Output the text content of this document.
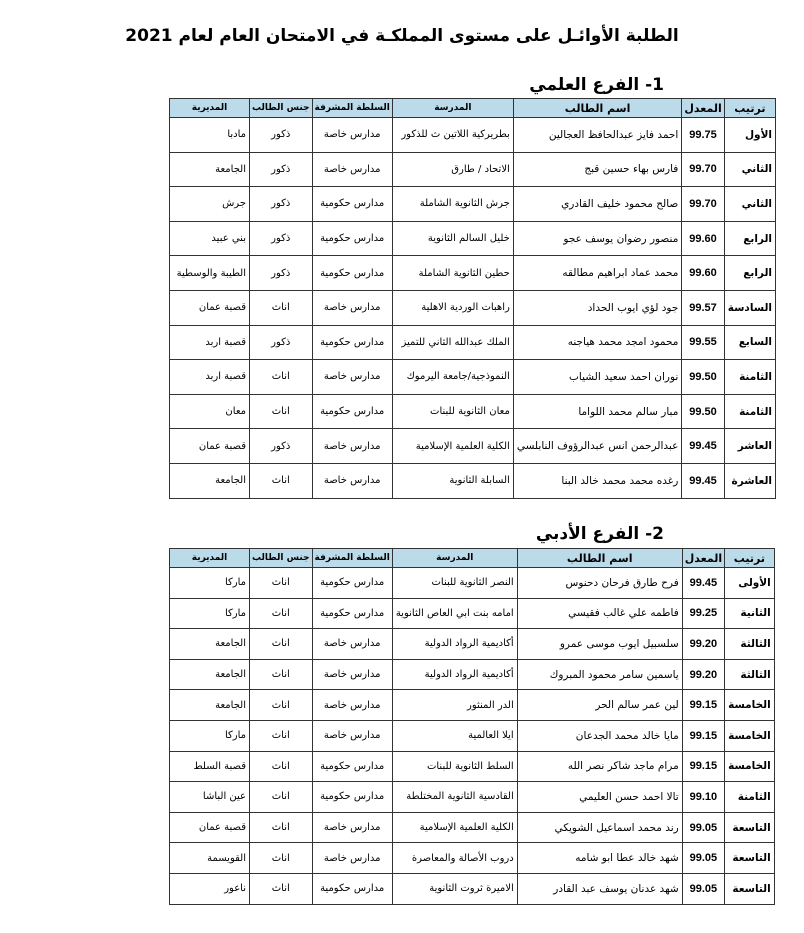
الطلبة الأوائـل على مستوى المملكـة في الامتحان العام لعام 2021
1- الفرع العلمي
ترتيب	المعدل	اسم الطالب	المدرسة	السلطة المشرفة	جنس الطالب	المديرية
الأول	99.75	احمد فايز عبدالحافظ العجالين	بطريركية اللاتين ث للذكور	مدارس خاصة	ذكور	مادبا
الثاني	99.70	فارس بهاء حسين قبج	الاتحاد / طارق	مدارس خاصة	ذكور	الجامعة
الثاني	99.70	صالح محمود خليف القادري	جرش الثانوية الشاملة	مدارس حكومية	ذكور	جرش
الرابع	99.60	منصور رضوان يوسف عجو	خليل السالم الثانوية	مدارس حكومية	ذكور	بني عبيد
الرابع	99.60	محمد عماد ابراهيم مطالقه	حطين الثانوية الشاملة	مدارس حكومية	ذكور	الطيبة والوسطية
السادسة	99.57	جود لؤي ايوب الحداد	راهبات الوردية الاهلية	مدارس خاصة	اناث	قصبة عمان
السابع	99.55	محمود امجد محمد هياجنه	الملك عبدالله الثاني للتميز	مدارس حكومية	ذكور	قصبة اربد
الثامنة	99.50	نوران احمد سعيد الشياب	النموذجية/جامعة اليرموك	مدارس خاصة	اناث	قصبة اربد
الثامنة	99.50	مبار سالم محمد اللواما	معان الثانوية للبنات	مدارس حكومية	اناث	معان
العاشر	99.45	عبدالرحمن انس عبدالرؤوف النابلسي	الكلية العلمية الإسلامية	مدارس خاصة	ذكور	قصبة عمان
العاشرة	99.45	رغده محمد محمد خالد البنا	السابلة الثانوية	مدارس خاصة	اناث	الجامعة
2- الفرع الأدبي
ترتيب	المعدل	اسم الطالب	المدرسة	السلطة المشرفة	جنس الطالب	المديرية
الأولى	99.45	فرح طارق فرحان دحنوس	النصر الثانوية للبنات	مدارس حكومية	اناث	ماركا
الثانية	99.25	فاطمه علي غالب فقيسي	امامه بنت ابي العاص الثانوية	مدارس حكومية	اناث	ماركا
الثالثة	99.20	سلسبيل ايوب موسى عمرو	أكاديمية الرواد الدولية	مدارس خاصة	اناث	الجامعة
الثالثة	99.20	ياسمين سامر محمود المبروك	أكاديمية الرواد الدولية	مدارس خاصة	اناث	الجامعة
الخامسة	99.15	لين عمر سالم الحر	الدر المنثور	مدارس خاصة	اناث	الجامعة
الخامسة	99.15	مايا خالد محمد الجدعان	ايلا العالمية	مدارس خاصة	اناث	ماركا
الخامسة	99.15	مرام ماجد شاكر نصر الله	السلط الثانوية للبنات	مدارس حكومية	اناث	قصبة السلط
الثامنة	99.10	تالا احمد حسن العليمي	القادسية الثانوية المختلطة	مدارس حكومية	اناث	عين الباشا
التاسعة	99.05	رند محمد اسماعيل الشويكي	الكلية العلمية الإسلامية	مدارس خاصة	اناث	قصبة عمان
التاسعة	99.05	شهد خالد عطا ابو شامه	دروب الأصالة والمعاصرة	مدارس خاصة	اناث	القويسمة
التاسعة	99.05	شهد عدنان يوسف عبد القادر	الاميرة ثروت الثانوية	مدارس حكومية	اناث	ناعور
